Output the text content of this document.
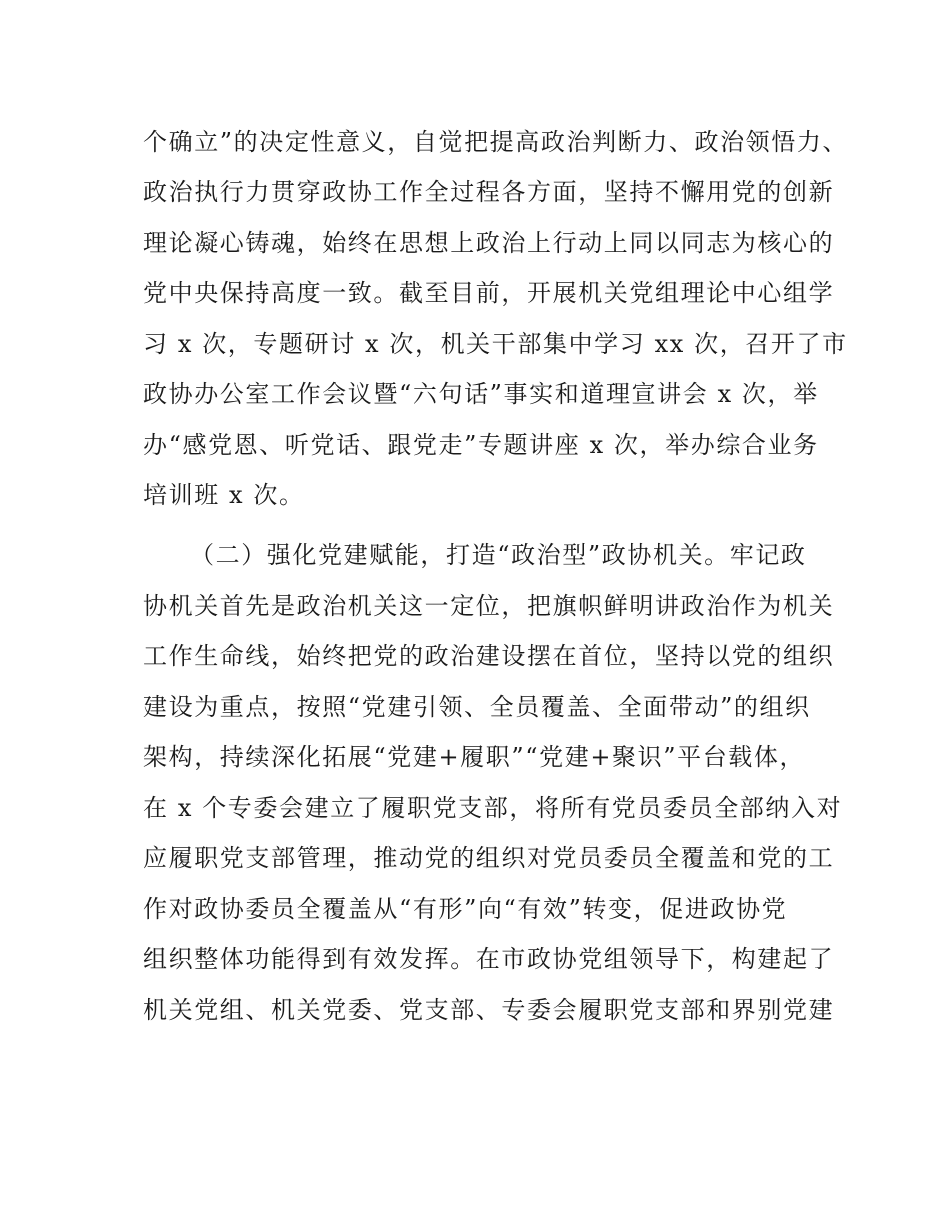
个确立”的决定性意义，自觉把提高政治判断力、政治领悟力、
政治执行力贯穿政协工作全过程各方面，坚持不懈用党的创新
理论凝心铸魂，始终在思想上政治上行动上同以同志为核心的
党中央保持高度一致。截至目前，开展机关党组理论中心组学
习 x 次，专题研讨 x 次，机关干部集中学习 xx 次，召开了市
政协办公室工作会议暨“六句话”事实和道理宣讲会 x 次，举
办“感党恩、听党话、跟党走”专题讲座 x 次，举办综合业务
培训班 x 次。
（二）强化党建赋能，打造“政治型”政协机关。牢记政
协机关首先是政治机关这一定位，把旗帜鲜明讲政治作为机关
工作生命线，始终把党的政治建设摆在首位，坚持以党的组织
建设为重点，按照“党建引领、全员覆盖、全面带动”的组织
架构，持续深化拓展“党建+履职”“党建+聚识”平台载体，
在 x 个专委会建立了履职党支部，将所有党员委员全部纳入对
应履职党支部管理，推动党的组织对党员委员全覆盖和党的工
作对政协委员全覆盖从“有形”向“有效”转变，促进政协党
组织整体功能得到有效发挥。在市政协党组领导下，构建起了
机关党组、机关党委、党支部、专委会履职党支部和界别党建
